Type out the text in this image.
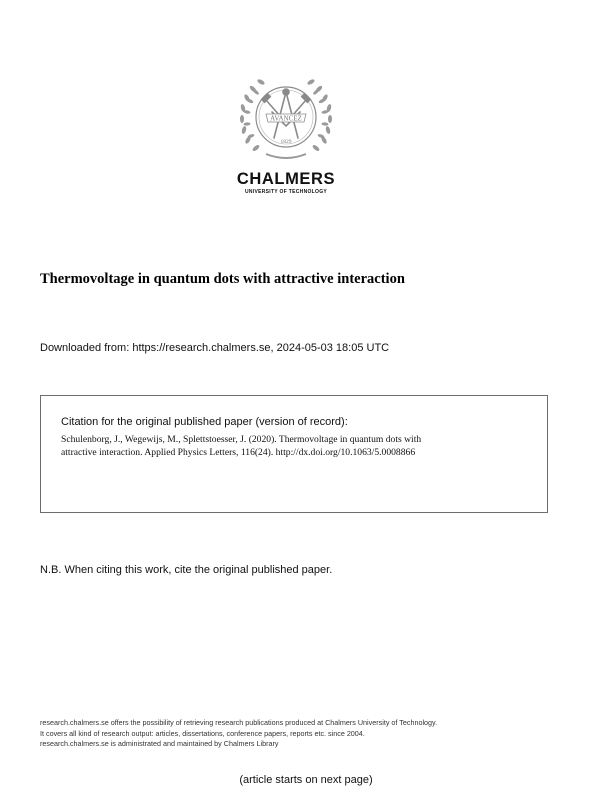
AVANCEZ
1829
CHALMERS
UNIVERSITY OF TECHNOLOGY
Thermovoltage in quantum dots with attractive interaction
Downloaded from: https://research.chalmers.se, 2024-05-03 18:05 UTC
Citation for the original published paper (version of record):
Schulenborg, J., Wegewijs, M., Splettstoesser, J. (2020). Thermovoltage in quantum dots with
attractive interaction. Applied Physics Letters, 116(24). http://dx.doi.org/10.1063/5.0008866
N.B. When citing this work, cite the original published paper.
research.chalmers.se offers the possibility of retrieving research publications produced at Chalmers University of Technology.
It covers all kind of research output: articles, dissertations, conference papers, reports etc. since 2004.
research.chalmers.se is administrated and maintained by Chalmers Library
(article starts on next page)
